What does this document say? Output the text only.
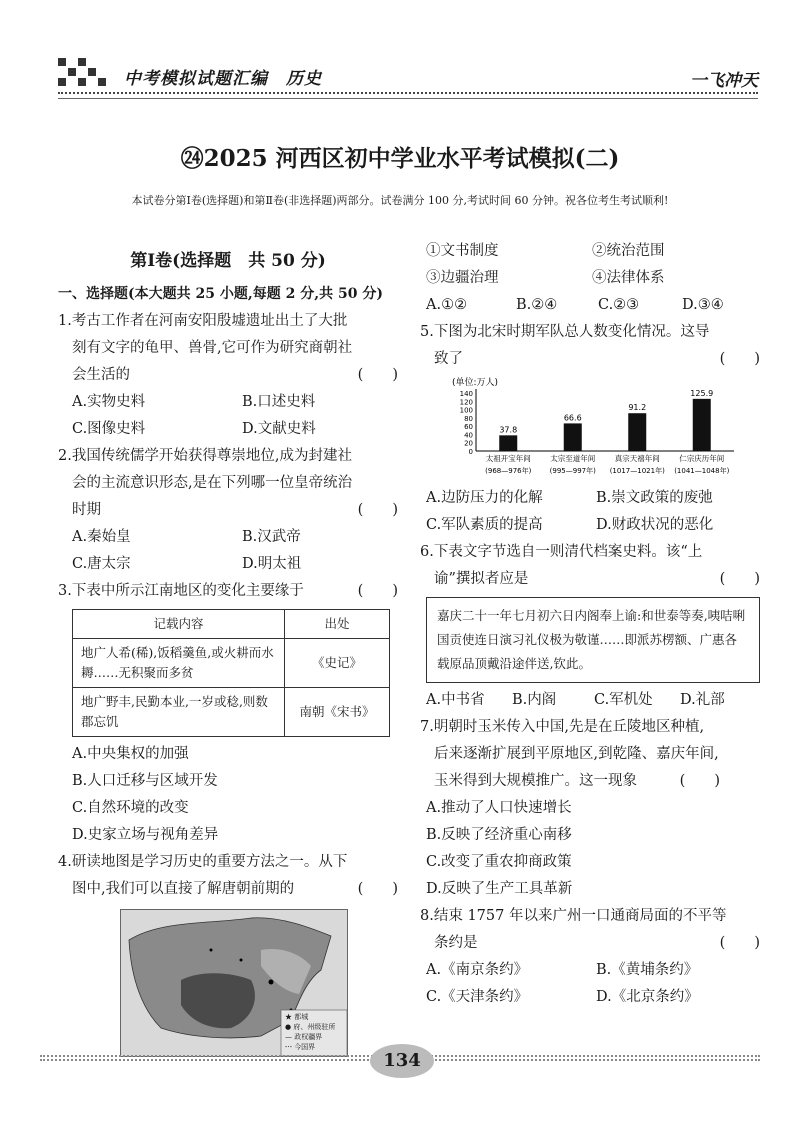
中考模拟试题汇编　历史	一飞冲天
㉔2025 河西区初中学业水平考试模拟(二)
本试卷分第Ⅰ卷(选择题)和第Ⅱ卷(非选择题)两部分。试卷满分 100 分,考试时间 60 分钟。祝各位考生考试顺利!
第Ⅰ卷(选择题　共 50 分)
一、选择题(本大题共 25 小题,每题 2 分,共 50 分)
1.考古工作者在河南安阳殷墟遗址出土了大批
刻有文字的龟甲、兽骨,它可作为研究商朝社
会生活的	(　　)
A.实物史料	B.口述史料
C.图像史料	D.文献史料
2.我国传统儒学开始获得尊崇地位,成为封建社
会的主流意识形态,是在下列哪一位皇帝统治
时期	(　　)
A.秦始皇	B.汉武帝
C.唐太宗	D.明太祖
3.下表中所示江南地区的变化主要缘于	(　　)
记载内容	出处
地广人希(稀),饭稻羹鱼,或火耕而水耨……无积聚而多贫	《史记》
地广野丰,民勤本业,一岁或稔,则数郡忘饥	南朝《宋书》
A.中央集权的加强
B.人口迁移与区域开发
C.自然环境的改变
D.史家立场与视角差异
4.研读地图是学习历史的重要方法之一。从下
图中,我们可以直接了解唐朝前期的	(　　)
★ 都城
● 府、州级驻所
— 政权疆界
-·- 今国界
①文书制度	②统治范围
③边疆治理	④法律体系
A.①②	B.②④	C.②③	D.③④
5.下图为北宋时期军队总人数变化情况。这导
致了	(　　)
(单位:万人)
0
20
40
60
80
100
120
140
37.8
太祖开宝年间
(968—976年)
66.6
太宗至道年间
(995—997年)
91.2
真宗天禧年间
(1017—1021年)
125.9
仁宗庆历年间
(1041—1048年)
A.边防压力的化解	B.崇文政策的废弛
C.军队素质的提高	D.财政状况的恶化
6.下表文字节选自一则清代档案史料。该“上
谕”撰拟者应是	(　　)
嘉庆二十一年七月初六日内阁奉上谕:和世泰等奏,咦咭唎国贡使连日演习礼仪极为敬谨……即派苏楞额、广惠各载原品顶戴沿途伴送,钦此。
A.中书省	B.内阁	C.军机处	D.礼部
7.明朝时玉米传入中国,先是在丘陵地区种植,
后来逐渐扩展到平原地区,到乾隆、嘉庆年间,
玉米得到大规模推广。这一现象	(　　)
A.推动了人口快速增长
B.反映了经济重心南移
C.改变了重农抑商政策
D.反映了生产工具革新
8.结束 1757 年以来广州一口通商局面的不平等
条约是	(　　)
A.《南京条约》	B.《黄埔条约》
C.《天津条约》	D.《北京条约》
134
